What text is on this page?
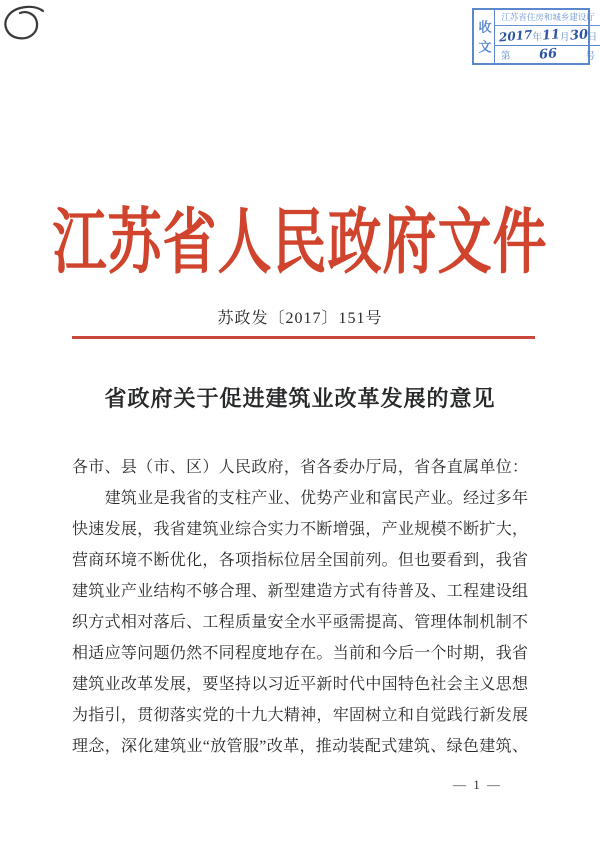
收文
江苏省住房和城乡建设厅
2017 年 11 月 30 日
第 66	号
江苏省人民政府文件
苏政发〔2017〕151号
省政府关于促进建筑业改革发展的意见
各市、县（市、区）人民政府，省各委办厅局，省各直属单位：
　　建筑业是我省的支柱产业、优势产业和富民产业。经过多年
快速发展，我省建筑业综合实力不断增强，产业规模不断扩大，
营商环境不断优化，各项指标位居全国前列。但也要看到，我省
建筑业产业结构不够合理、新型建造方式有待普及、工程建设组
织方式相对落后、工程质量安全水平亟需提高、管理体制机制不
相适应等问题仍然不同程度地存在。当前和今后一个时期，我省
建筑业改革发展，要坚持以习近平新时代中国特色社会主义思想
为指引，贯彻落实党的十九大精神，牢固树立和自觉践行新发展
理念，深化建筑业“放管服”改革，推动装配式建筑、绿色建筑、
— 1 —
